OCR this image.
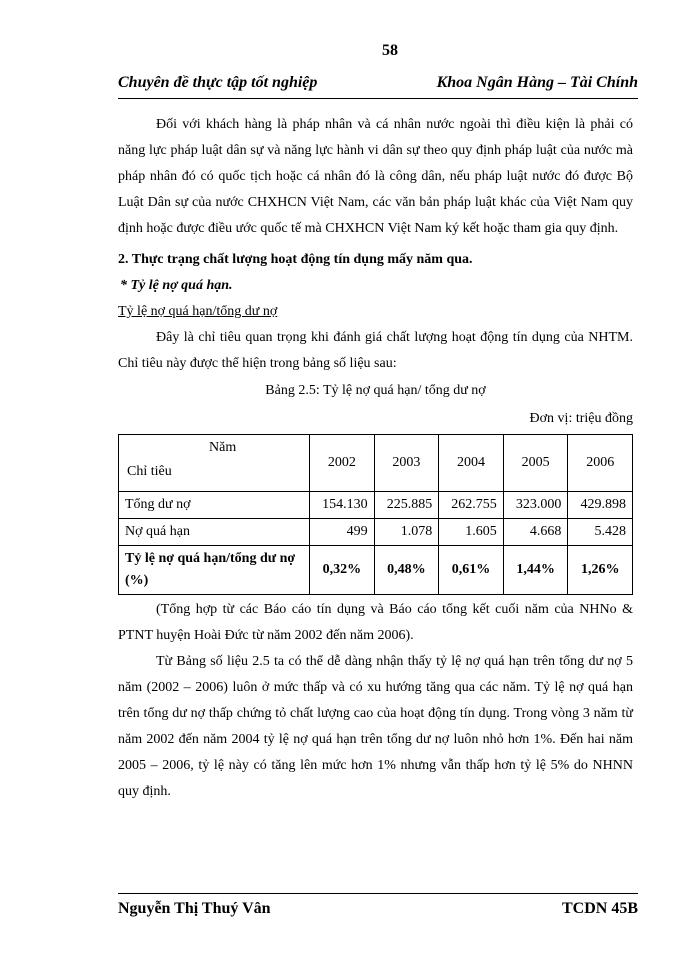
58
Chuyên đề thực tập tốt nghiệp	Khoa Ngân Hàng – Tài Chính

Đối với khách hàng là pháp nhân và cá nhân nước ngoài thì điều kiện là phải có năng lực pháp luật dân sự và năng lực hành vi dân sự theo quy định pháp luật của nước mà pháp nhân đó có quốc tịch hoặc cá nhân đó là công dân, nếu pháp luật nước đó được Bộ Luật Dân sự của nước CHXHCN Việt Nam, các văn bản pháp luật khác của Việt Nam quy định hoặc được điều ước quốc tế mà CHXHCN Việt Nam ký kết hoặc tham gia quy định.

2. Thực trạng chất lượng hoạt động tín dụng mấy năm qua.

* Tỷ lệ nợ quá hạn.

Tỷ lệ nợ quá hạn/tổng dư nợ

Đây là chỉ tiêu quan trọng khi đánh giá chất lượng hoạt động tín dụng của NHTM. Chỉ tiêu này được thể hiện trong bảng số liệu sau:

Bảng 2.5: Tỷ lệ nợ quá hạn/ tổng dư nợ

Đơn vị: triệu đồng

Năm
Chỉ tiêu	2002	2003	2004	2005	2006
Tổng dư nợ	154.130	225.885	262.755	323.000	429.898
Nợ quá hạn	499	1.078	1.605	4.668	5.428
Tỷ lệ nợ quá hạn/tổng dư nợ (%)	0,32%	0,48%	0,61%	1,44%	1,26%

(Tổng hợp từ các Báo cáo tín dụng và Báo cáo tổng kết cuối năm của NHNo & PTNT huyện Hoài Đức từ năm 2002 đến năm 2006).

Từ Bảng số liệu 2.5 ta có thể dễ dàng nhận thấy tỷ lệ nợ quá hạn trên tổng dư nợ 5 năm (2002 – 2006) luôn ở mức thấp và có xu hướng tăng qua các năm. Tỷ lệ nợ quá hạn trên tổng dư nợ thấp chứng tỏ chất lượng cao của hoạt động tín dụng. Trong vòng 3 năm từ năm 2002 đến năm 2004 tỷ lệ nợ quá hạn trên tổng dư nợ luôn nhỏ hơn 1%. Đến hai năm 2005 – 2006, tỷ lệ này có tăng lên mức hơn 1% nhưng vẫn thấp hơn tỷ lệ 5% do NHNN quy định.

Nguyễn Thị Thuý Vân	TCDN 45B
